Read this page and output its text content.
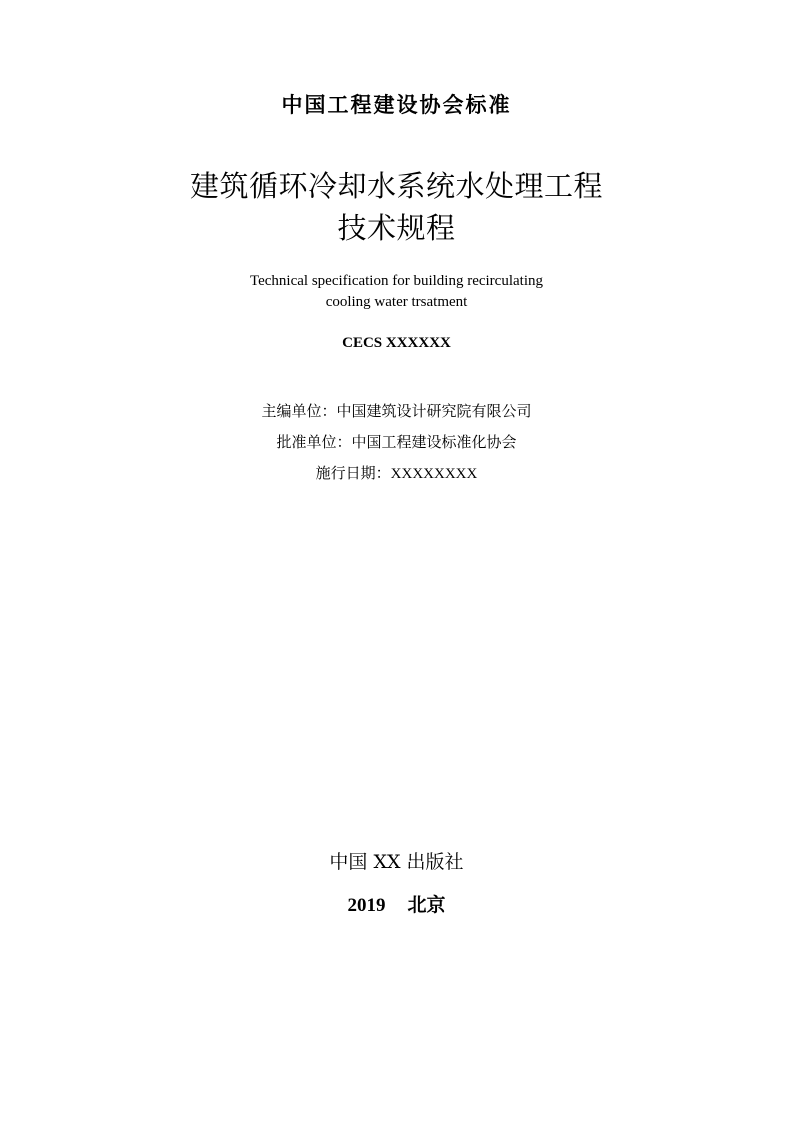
中国工程建设协会标准
建筑循环冷却水系统水处理工程
技术规程
Technical specification for building recirculating
cooling water trsatment
CECS XXXXXX
主编单位：中国建筑设计研究院有限公司
批准单位：中国工程建设标准化协会
施行日期：XXXXXXXX
中国 XX 出版社
2019 北京
